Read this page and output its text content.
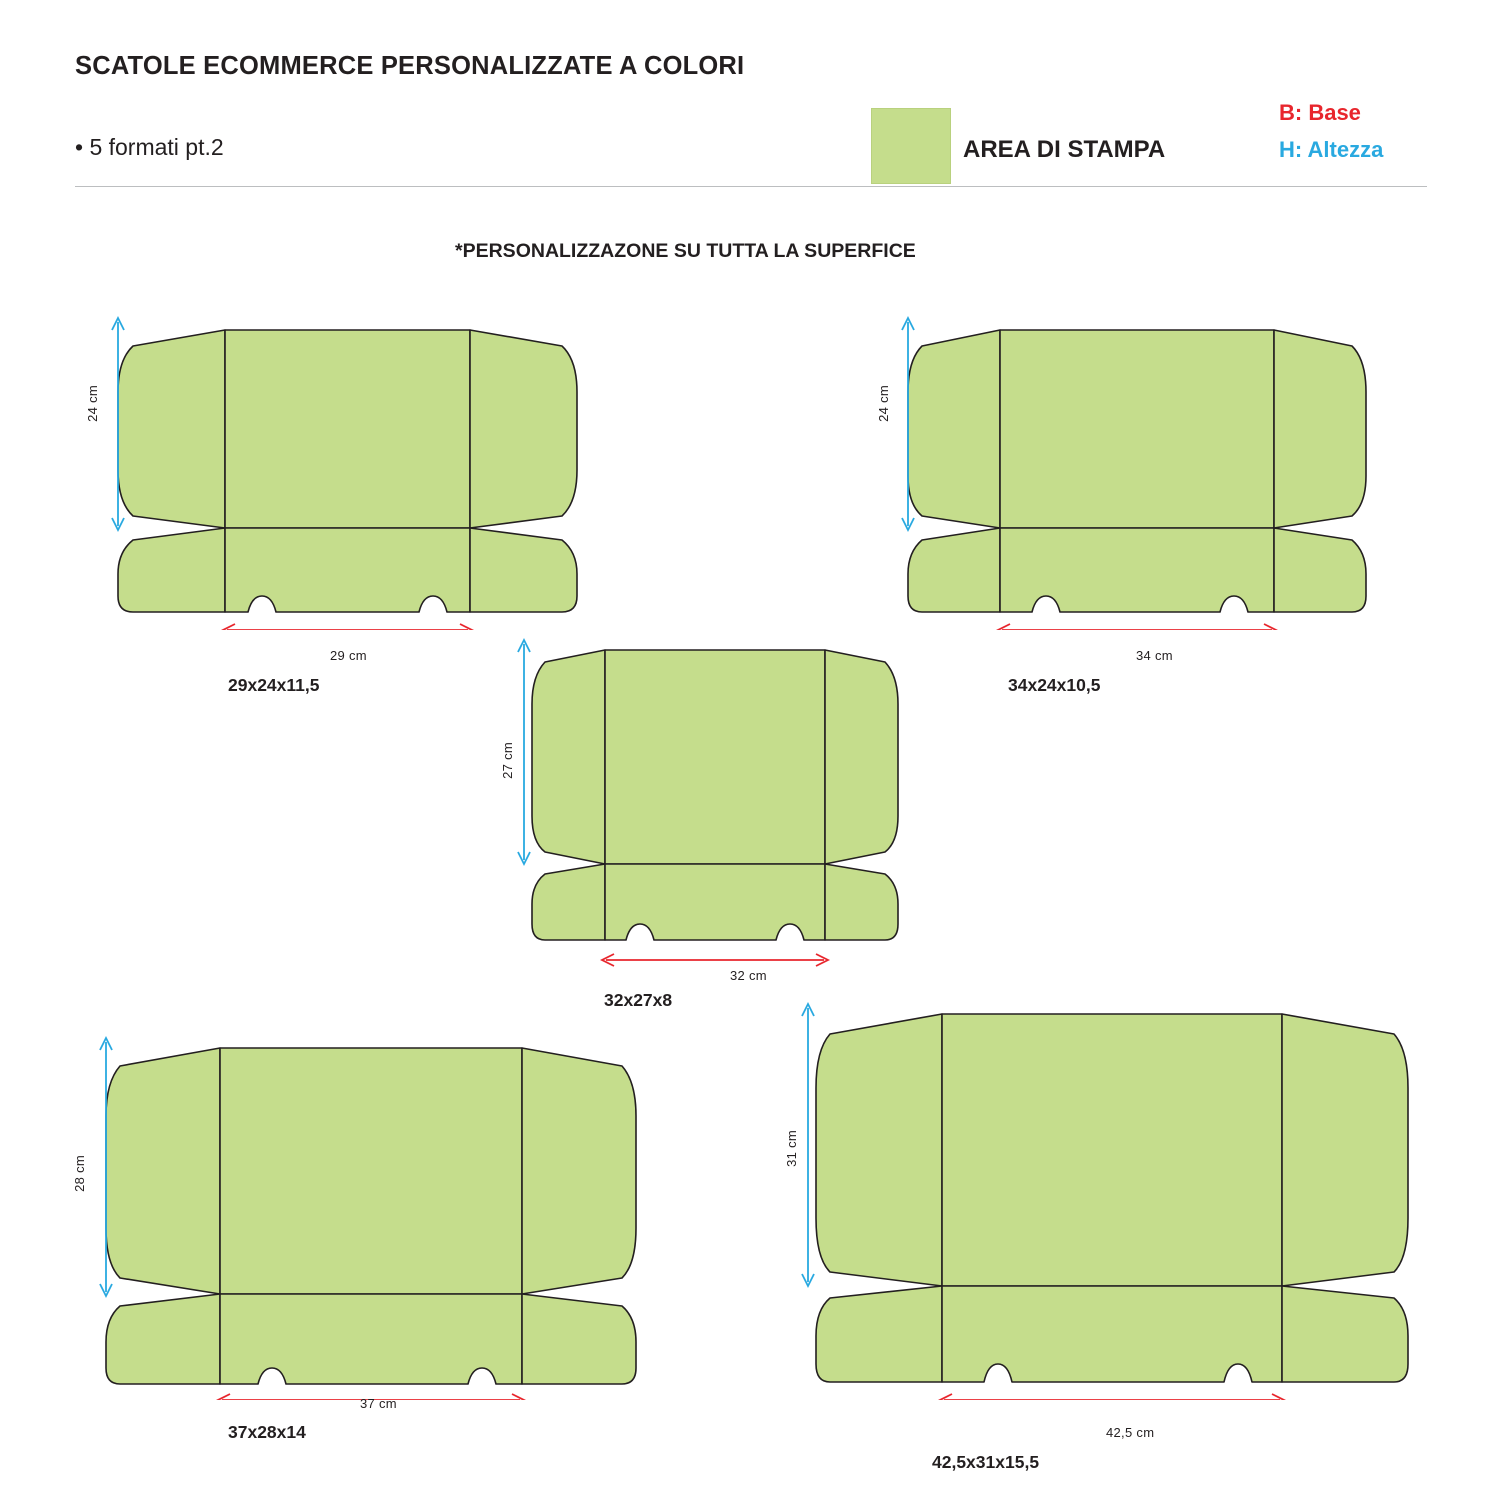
SCATOLE ECOMMERCE PERSONALIZZATE A COLORI
• 5 formati pt.2	AREA DI STAMPA
B: Base
H: Altezza
*PERSONALIZZAZONE SU TUTTA LA SUPERFICE
24 cm
29 cm
29x24x11,5
24 cm
34 cm
34x24x10,5
27 cm
32 cm
32x27x8
28 cm
37 cm
37x28x14
31 cm
42,5 cm
42,5x31x15,5
